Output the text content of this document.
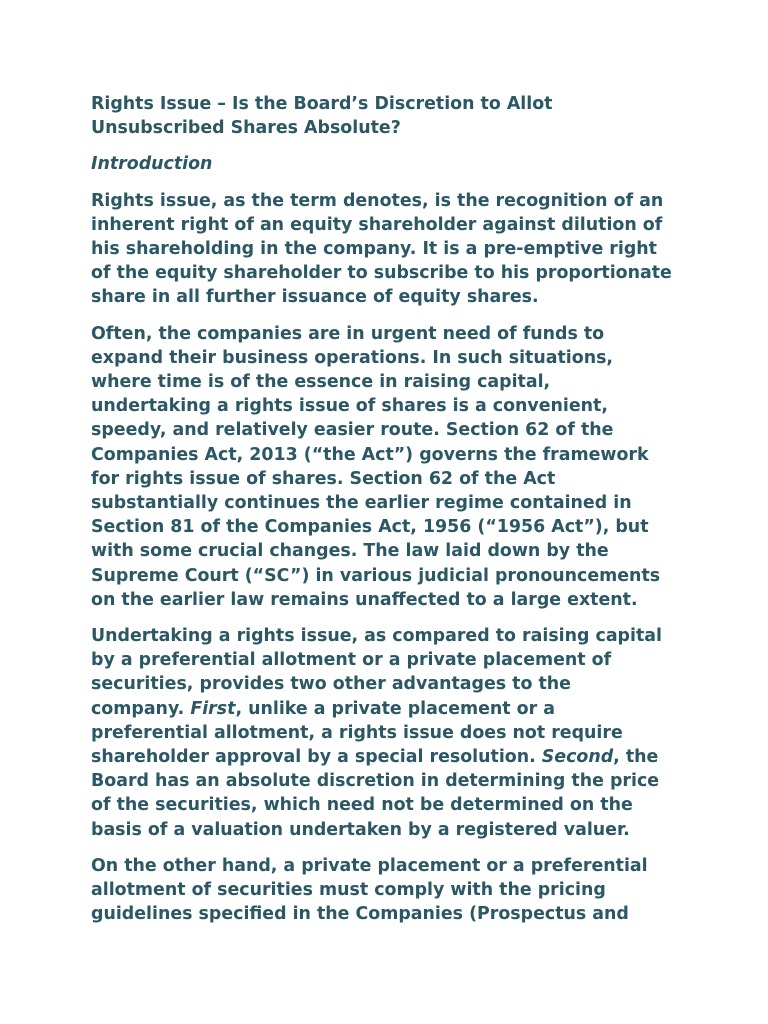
Rights Issue – Is the Board’s Discretion to Allot
Unsubscribed Shares Absolute?

Introduction

Rights issue, as the term denotes, is the recognition of an
inherent right of an equity shareholder against dilution of
his shareholding in the company. It is a pre-emptive right
of the equity shareholder to subscribe to his proportionate
share in all further issuance of equity shares.

Often, the companies are in urgent need of funds to
expand their business operations. In such situations,
where time is of the essence in raising capital,
undertaking a rights issue of shares is a convenient,
speedy, and relatively easier route. Section 62 of the
Companies Act, 2013 (“the Act”) governs the framework
for rights issue of shares. Section 62 of the Act
substantially continues the earlier regime contained in
Section 81 of the Companies Act, 1956 (“1956 Act”), but
with some crucial changes. The law laid down by the
Supreme Court (“SC”) in various judicial pronouncements
on the earlier law remains unaffected to a large extent.

Undertaking a rights issue, as compared to raising capital
by a preferential allotment or a private placement of
securities, provides two other advantages to the
company. First, unlike a private placement or a
preferential allotment, a rights issue does not require
shareholder approval by a special resolution. Second, the
Board has an absolute discretion in determining the price
of the securities, which need not be determined on the
basis of a valuation undertaken by a registered valuer.

On the other hand, a private placement or a preferential
allotment of securities must comply with the pricing
guidelines specified in the Companies (Prospectus and
